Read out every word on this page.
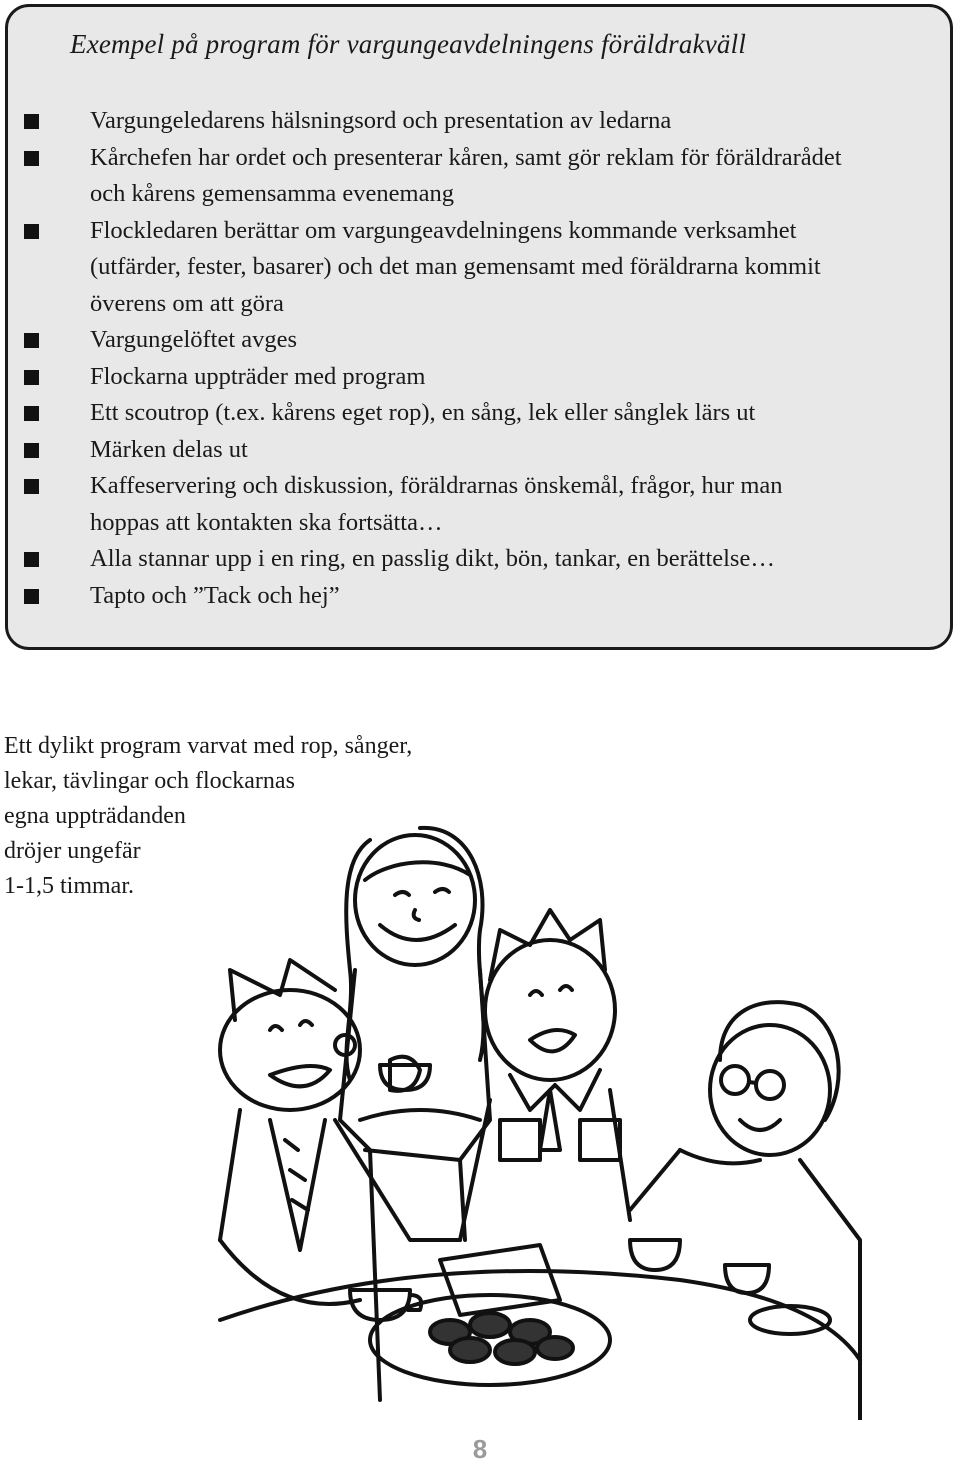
Exempel på program för vargungeavdelningens föräldrakväll
Vargungeledarens hälsningsord och presentation av ledarna
Kårchefen har ordet och presenterar kåren, samt gör reklam för föräldrarådet
och kårens gemensamma evenemang
Flockledaren berättar om vargungeavdelningens kommande verksamhet
(utfärder, fester, basarer) och det man gemensamt med föräldrarna kommit
överens om att göra
Vargungelöftet avges
Flockarna uppträder med program
Ett scoutrop (t.ex. kårens eget rop), en sång, lek eller sånglek lärs ut
Märken delas ut
Kaffeservering och diskussion, föräldrarnas önskemål, frågor, hur man
hoppas att kontakten ska fortsätta…
Alla stannar upp i en ring, en passlig dikt, bön, tankar, en berättelse…
Tapto och ”Tack och hej”
Ett dylikt program varvat med rop, sånger,
lekar, tävlingar och flockarnas
egna uppträdanden
dröjer ungefär
1-1,5 timmar.
8
